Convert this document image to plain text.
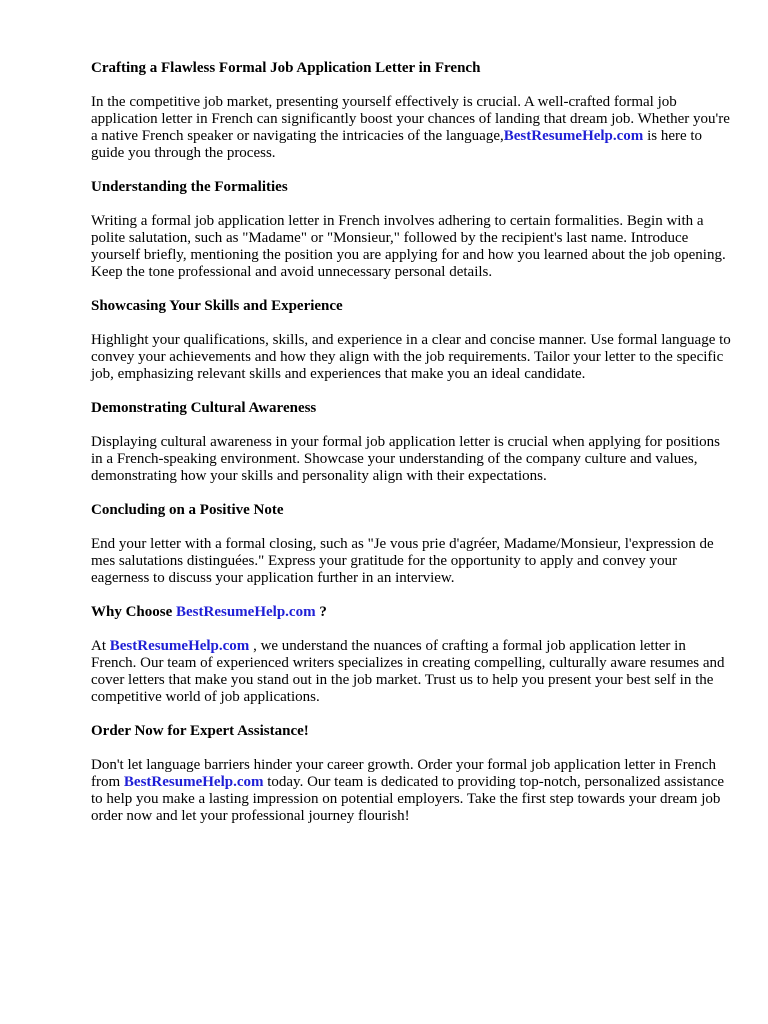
Crafting a Flawless Formal Job Application Letter in French

In the competitive job market, presenting yourself effectively is crucial. A well-crafted formal job application letter in French can significantly boost your chances of landing that dream job. Whether you're a native French speaker or navigating the intricacies of the language,BestResumeHelp.com is here to guide you through the process.

Understanding the Formalities

Writing a formal job application letter in French involves adhering to certain formalities. Begin with a polite salutation, such as "Madame" or "Monsieur," followed by the recipient's last name. Introduce yourself briefly, mentioning the position you are applying for and how you learned about the job opening. Keep the tone professional and avoid unnecessary personal details.

Showcasing Your Skills and Experience

Highlight your qualifications, skills, and experience in a clear and concise manner. Use formal language to convey your achievements and how they align with the job requirements. Tailor your letter to the specific job, emphasizing relevant skills and experiences that make you an ideal candidate.

Demonstrating Cultural Awareness

Displaying cultural awareness in your formal job application letter is crucial when applying for positions in a French-speaking environment. Showcase your understanding of the company culture and values, demonstrating how your skills and personality align with their expectations.

Concluding on a Positive Note

End your letter with a formal closing, such as "Je vous prie d'agréer, Madame/Monsieur, l'expression de mes salutations distinguées." Express your gratitude for the opportunity to apply and convey your eagerness to discuss your application further in an interview.

Why Choose BestResumeHelp.com ?

At BestResumeHelp.com , we understand the nuances of crafting a formal job application letter in French. Our team of experienced writers specializes in creating compelling, culturally aware resumes and cover letters that make you stand out in the job market. Trust us to help you present your best self in the competitive world of job applications.

Order Now for Expert Assistance!

Don't let language barriers hinder your career growth. Order your formal job application letter in French from BestResumeHelp.com today. Our team is dedicated to providing top-notch, personalized assistance to help you make a lasting impression on potential employers. Take the first step towards your dream job    order now and let your professional journey flourish!
